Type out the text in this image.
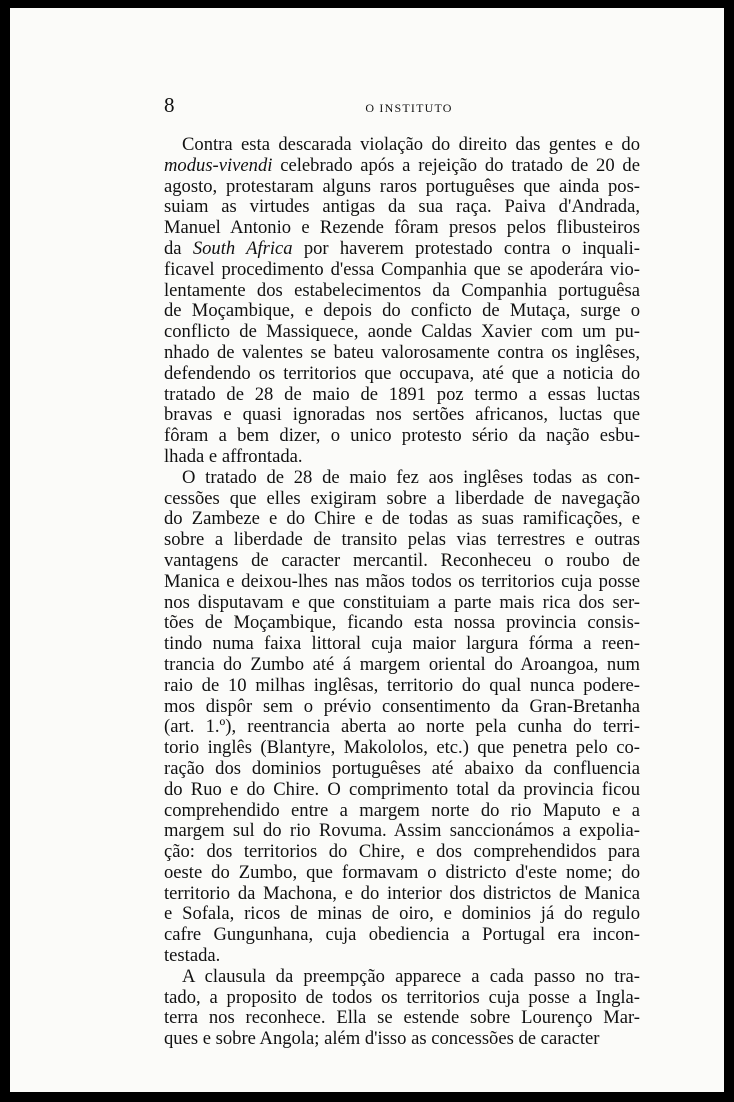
8	O INSTITUTO
Contra esta descarada violação do direito das gentes e do
modus-vivendi celebrado após a rejeição do tratado de 20 de
agosto, protestaram alguns raros portuguêses que ainda pos-
suiam as virtudes antigas da sua raça. Paiva d'Andrada,
Manuel Antonio e Rezende fôram presos pelos flibusteiros
da South Africa por haverem protestado contra o inquali-
ficavel procedimento d'essa Companhia que se apoderára vio-
lentamente dos estabelecimentos da Companhia portuguêsa
de Moçambique, e depois do conficto de Mutaça, surge o
conflicto de Massiquece, aonde Caldas Xavier com um pu-
nhado de valentes se bateu valorosamente contra os inglêses,
defendendo os territorios que occupava, até que a noticia do
tratado de 28 de maio de 1891 poz termo a essas luctas
bravas e quasi ignoradas nos sertões africanos, luctas que
fôram a bem dizer, o unico protesto sério da nação esbu-
lhada e affrontada.
O tratado de 28 de maio fez aos inglêses todas as con-
cessões que elles exigiram sobre a liberdade de navegação
do Zambeze e do Chire e de todas as suas ramificações, e
sobre a liberdade de transito pelas vias terrestres e outras
vantagens de caracter mercantil. Reconheceu o roubo de
Manica e deixou-lhes nas mãos todos os territorios cuja posse
nos disputavam e que constituiam a parte mais rica dos ser-
tões de Moçambique, ficando esta nossa provincia consis-
tindo numa faixa littoral cuja maior largura fórma a reen-
trancia do Zumbo até á margem oriental do Aroangoa, num
raio de 10 milhas inglêsas, territorio do qual nunca podere-
mos dispôr sem o prévio consentimento da Gran-Bretanha
(art. 1.º), reentrancia aberta ao norte pela cunha do terri-
torio inglês (Blantyre, Makololos, etc.) que penetra pelo co-
ração dos dominios portuguêses até abaixo da confluencia
do Ruo e do Chire. O comprimento total da provincia ficou
comprehendido entre a margem norte do rio Maputo e a
margem sul do rio Rovuma. Assim sanccionámos a expolia-
ção: dos territorios do Chire, e dos comprehendidos para
oeste do Zumbo, que formavam o districto d'este nome; do
territorio da Machona, e do interior dos districtos de Manica
e Sofala, ricos de minas de oiro, e dominios já do regulo
cafre Gungunhana, cuja obediencia a Portugal era incon-
testada.
A clausula da preempção apparece a cada passo no tra-
tado, a proposito de todos os territorios cuja posse a Ingla-
terra nos reconhece. Ella se estende sobre Lourenço Mar-
ques e sobre Angola; além d'isso as concessões de caracter
